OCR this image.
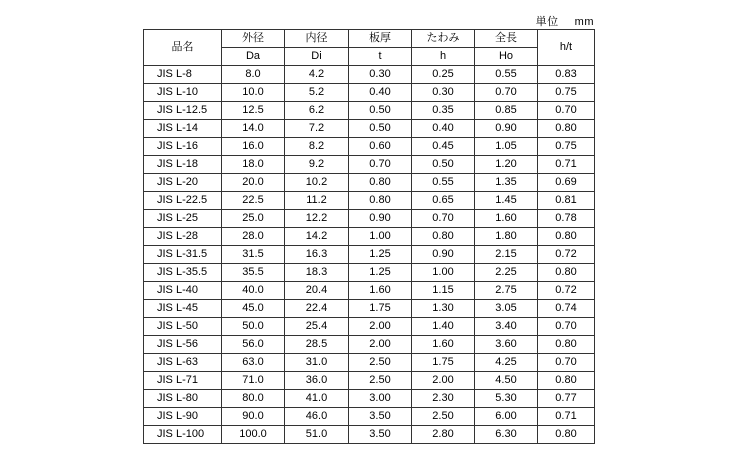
単位 mm
品名	外径	内径	板厚	たわみ	全長	h/t
	Da	Di	t	h	Ho	
JIS L-8	8.0	4.2	0.30	0.25	0.55	0.83
JIS L-10	10.0	5.2	0.40	0.30	0.70	0.75
JIS L-12.5	12.5	6.2	0.50	0.35	0.85	0.70
JIS L-14	14.0	7.2	0.50	0.40	0.90	0.80
JIS L-16	16.0	8.2	0.60	0.45	1.05	0.75
JIS L-18	18.0	9.2	0.70	0.50	1.20	0.71
JIS L-20	20.0	10.2	0.80	0.55	1.35	0.69
JIS L-22.5	22.5	11.2	0.80	0.65	1.45	0.81
JIS L-25	25.0	12.2	0.90	0.70	1.60	0.78
JIS L-28	28.0	14.2	1.00	0.80	1.80	0.80
JIS L-31.5	31.5	16.3	1.25	0.90	2.15	0.72
JIS L-35.5	35.5	18.3	1.25	1.00	2.25	0.80
JIS L-40	40.0	20.4	1.60	1.15	2.75	0.72
JIS L-45	45.0	22.4	1.75	1.30	3.05	0.74
JIS L-50	50.0	25.4	2.00	1.40	3.40	0.70
JIS L-56	56.0	28.5	2.00	1.60	3.60	0.80
JIS L-63	63.0	31.0	2.50	1.75	4.25	0.70
JIS L-71	71.0	36.0	2.50	2.00	4.50	0.80
JIS L-80	80.0	41.0	3.00	2.30	5.30	0.77
JIS L-90	90.0	46.0	3.50	2.50	6.00	0.71
JIS L-100	100.0	51.0	3.50	2.80	6.30	0.80
